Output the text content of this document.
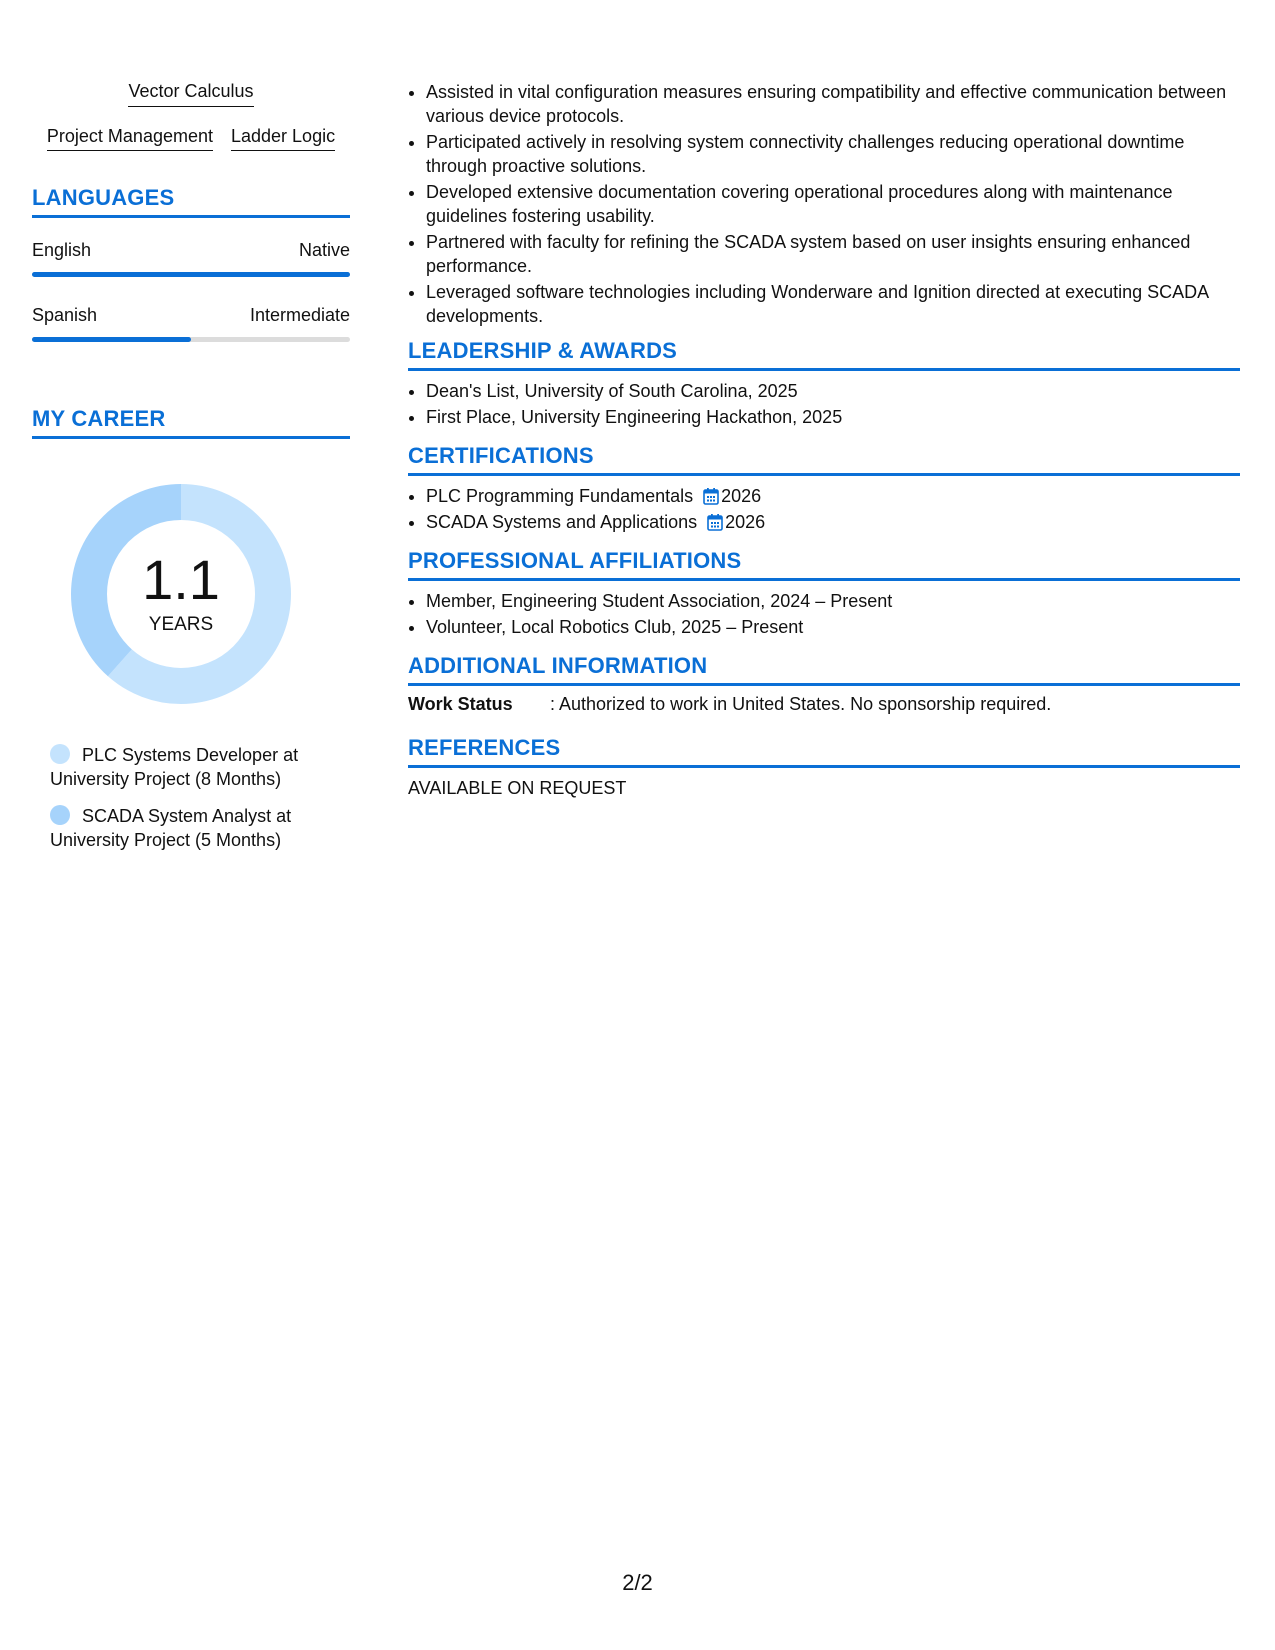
Vector Calculus
Project Management Ladder Logic
LANGUAGES
English	Native
Spanish	Intermediate
MY CAREER
1.1
YEARS
PLC Systems Developer at University Project (8 Months)
SCADA System Analyst at University Project (5 Months)
• Assisted in vital configuration measures ensuring compatibility and effective communication between various device protocols.
• Participated actively in resolving system connectivity challenges reducing operational downtime through proactive solutions.
• Developed extensive documentation covering operational procedures along with maintenance guidelines fostering usability.
• Partnered with faculty for refining the SCADA system based on user insights ensuring enhanced performance.
• Leveraged software technologies including Wonderware and Ignition directed at executing SCADA developments.
LEADERSHIP & AWARDS
• Dean's List, University of South Carolina, 2025
• First Place, University Engineering Hackathon, 2025
CERTIFICATIONS
• PLC Programming Fundamentals 2026
• SCADA Systems and Applications 2026
PROFESSIONAL AFFILIATIONS
• Member, Engineering Student Association, 2024 – Present
• Volunteer, Local Robotics Club, 2025 – Present
ADDITIONAL INFORMATION
Work Status	: Authorized to work in United States. No sponsorship required.
REFERENCES
AVAILABLE ON REQUEST
2/2
